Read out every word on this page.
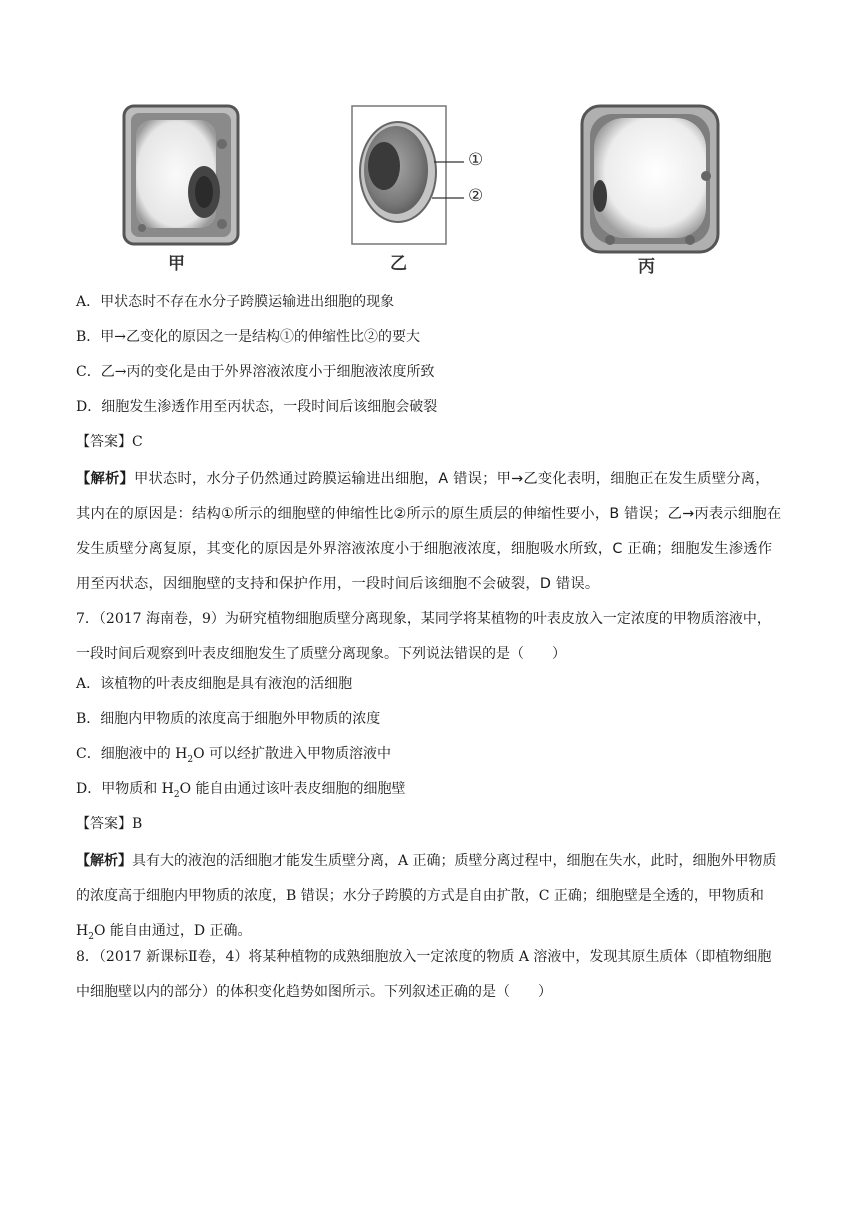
甲
①
②
乙	丙
A．甲状态时不存在水分子跨膜运输进出细胞的现象
B．甲→乙变化的原因之一是结构①的伸缩性比②的要大
C．乙→丙的变化是由于外界溶液浓度小于细胞液浓度所致
D．细胞发生渗透作用至丙状态，一段时间后该细胞会破裂
【答案】C
【解析】甲状态时，水分子仍然通过跨膜运输进出细胞，A 错误；甲→乙变化表明，细胞正在发生质壁分离，其内在的原因是：结构①所示的细胞壁的伸缩性比②所示的原生质层的伸缩性要小，B 错误；乙→丙表示细胞在发生质壁分离复原，其变化的原因是外界溶液浓度小于细胞液浓度，细胞吸水所致，C 正确；细胞发生渗透作用至丙状态，因细胞壁的支持和保护作用，一段时间后该细胞不会破裂，D 错误。
7．（2017 海南卷，9）为研究植物细胞质壁分离现象，某同学将某植物的叶表皮放入一定浓度的甲物质溶液中，一段时间后观察到叶表皮细胞发生了质壁分离现象。下列说法错误的是（　　）
A．该植物的叶表皮细胞是具有液泡的活细胞
B．细胞内甲物质的浓度高于细胞外甲物质的浓度
C．细胞液中的 $H_2O$ 可以经扩散进入甲物质溶液中
D．甲物质和 $H_2O$ 能自由通过该叶表皮细胞的细胞壁
【答案】B
【解析】具有大的液泡的活细胞才能发生质壁分离，A 正确；质壁分离过程中，细胞在失水，此时，细胞外甲物质的浓度高于细胞内甲物质的浓度，B 错误；水分子跨膜的方式是自由扩散，C 正确；细胞壁是全透的，甲物质和 $H_2O$ 能自由通过，D 正确。
8．（2017 新课标Ⅱ卷，4）将某种植物的成熟细胞放入一定浓度的物质 A 溶液中，发现其原生质体（即植物细胞中细胞壁以内的部分）的体积变化趋势如图所示。下列叙述正确的是（　　）
